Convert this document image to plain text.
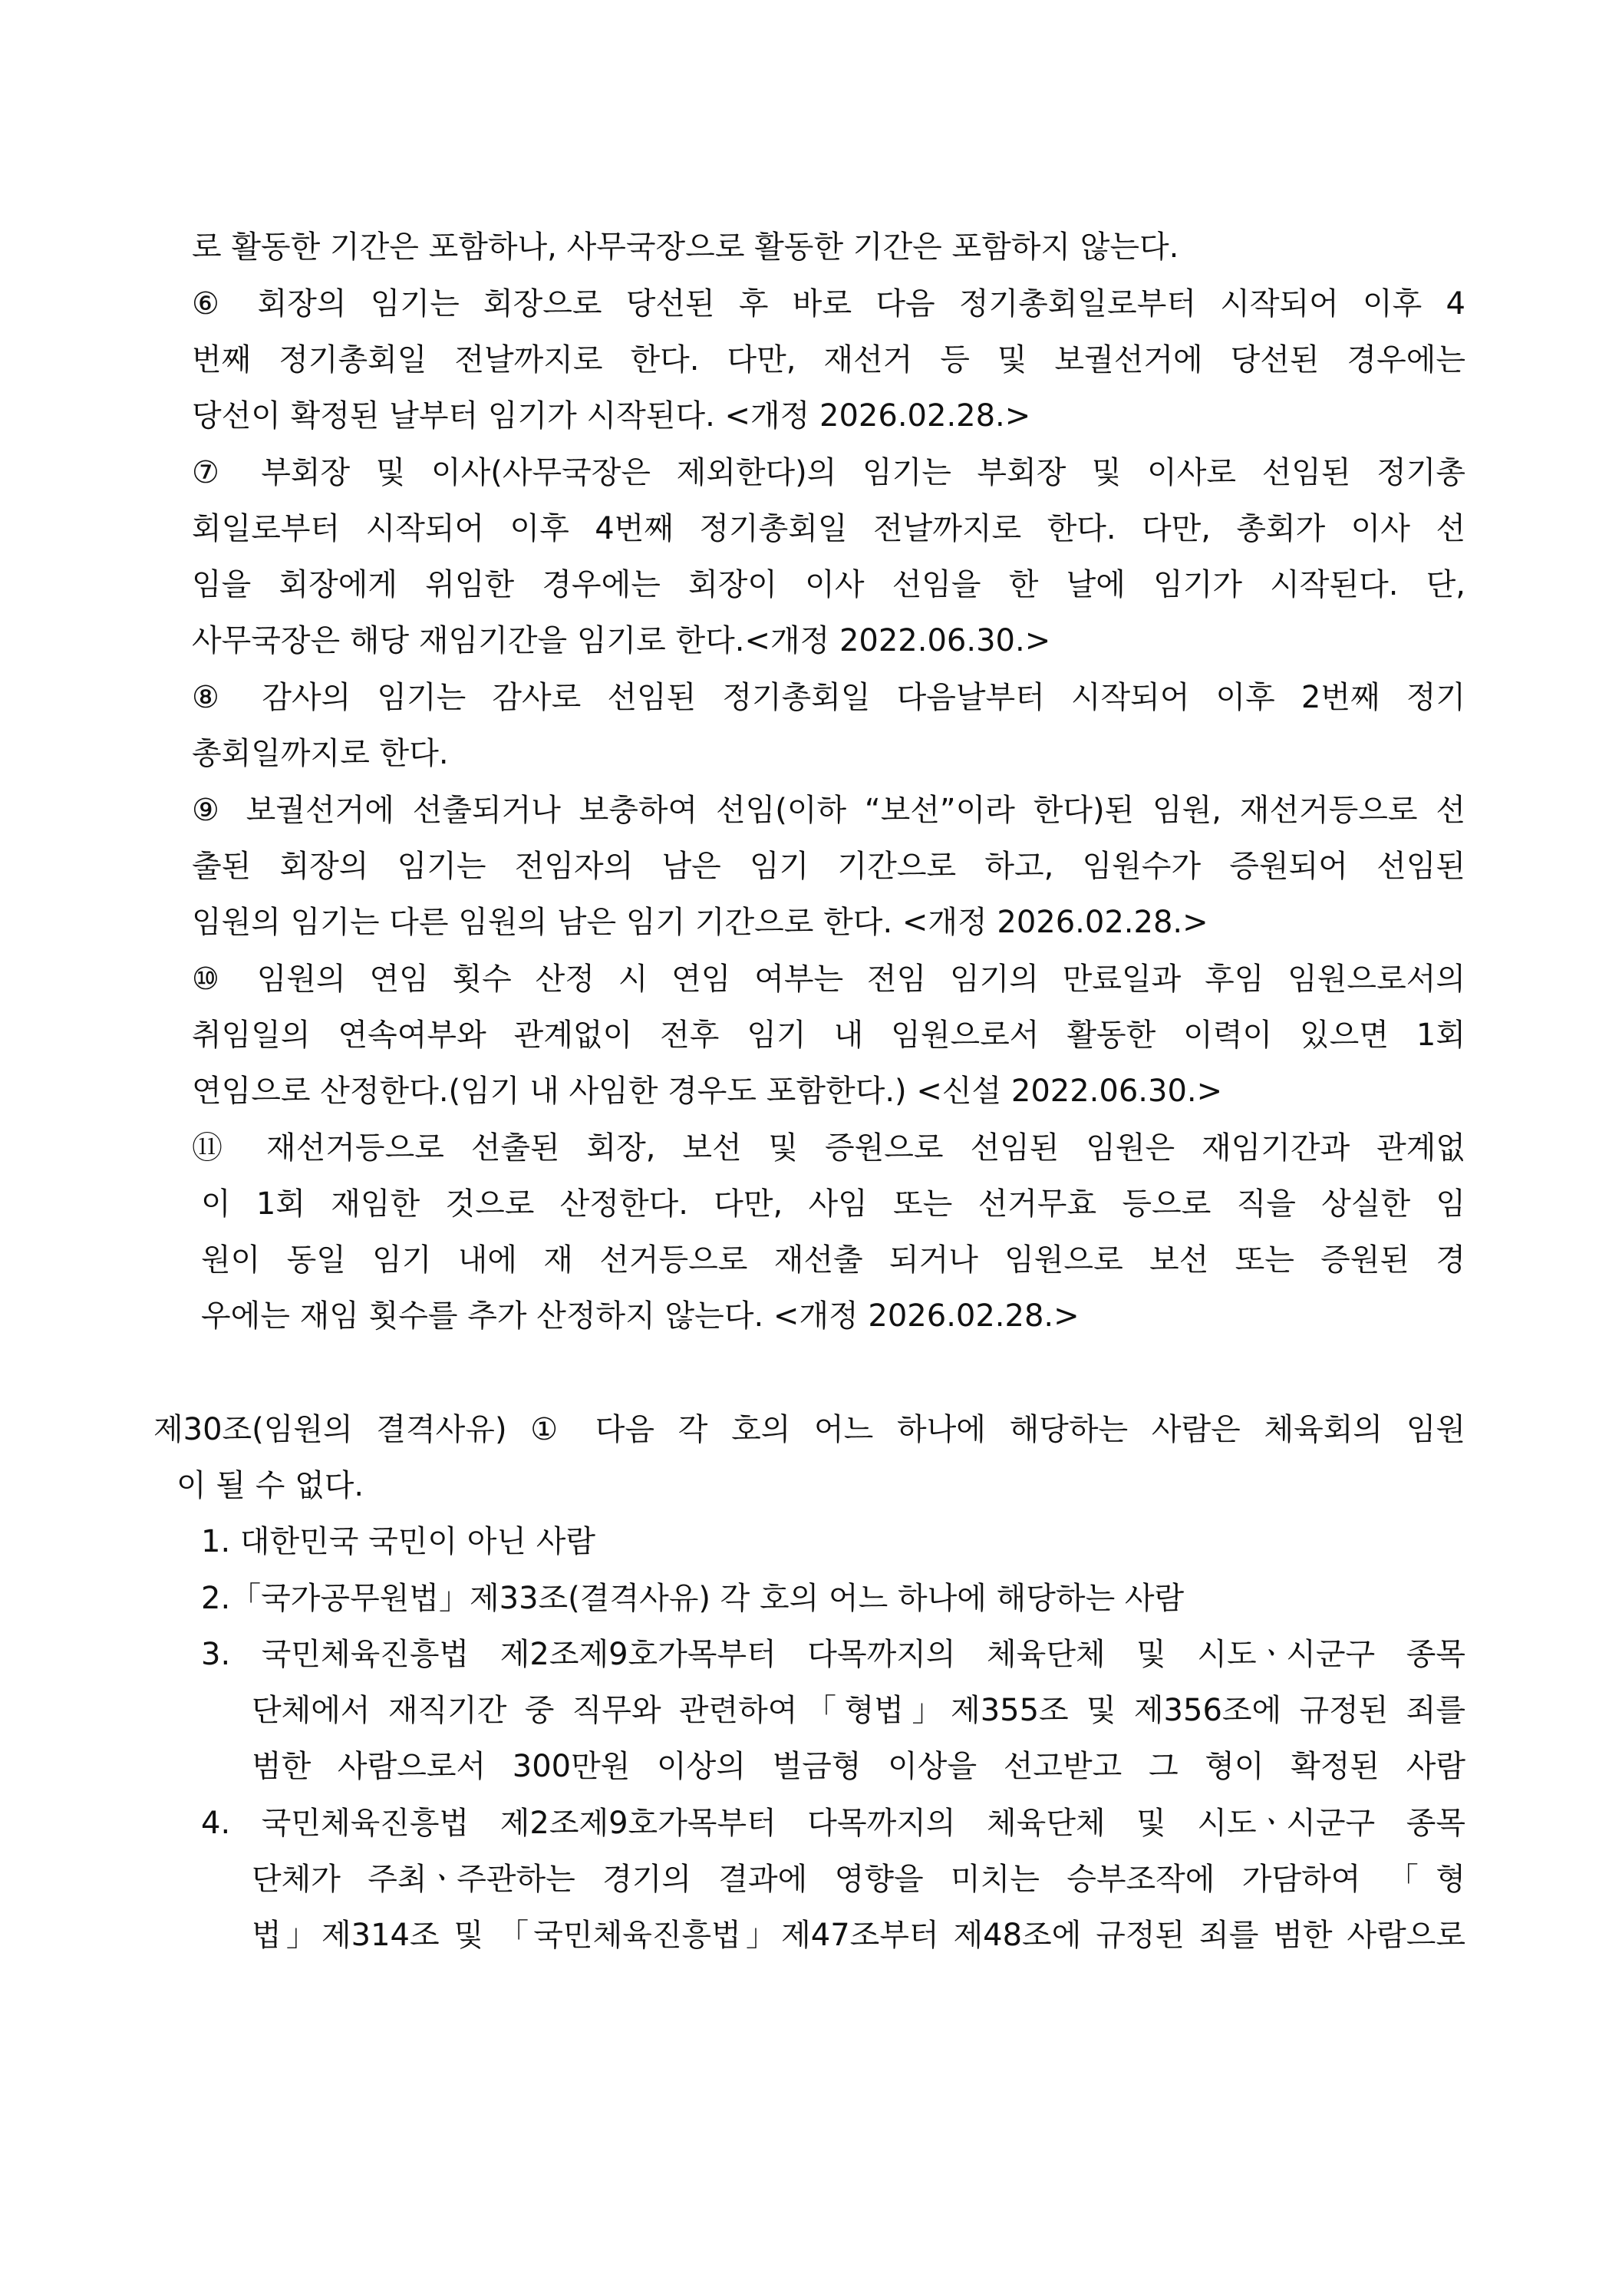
로 활동한 기간은 포함하나, 사무국장으로 활동한 기간은 포함하지 않는다.

⑥ 회장의 임기는 회장으로 당선된 후 바로 다음 정기총회일로부터 시작되어 이후 4

번째 정기총회일 전날까지로 한다. 다만, 재선거 등 및 보궐선거에 당선된 경우에는

당선이 확정된 날부터 임기가 시작된다. <개정 2026.02.28.>

⑦ 부회장 및 이사(사무국장은 제외한다)의 임기는 부회장 및 이사로 선임된 정기총

회일로부터 시작되어 이후 4번째 정기총회일 전날까지로 한다. 다만, 총회가 이사 선

임을 회장에게 위임한 경우에는 회장이 이사 선임을 한 날에 임기가 시작된다. 단,

사무국장은 해당 재임기간을 임기로 한다.<개정 2022.06.30.>

⑧ 감사의 임기는 감사로 선임된 정기총회일 다음날부터 시작되어 이후 2번째 정기

총회일까지로 한다.

⑨ 보궐선거에 선출되거나 보충하여 선임(이하 “보선”이라 한다)된 임원, 재선거등으로 선

출된 회장의 임기는 전임자의 남은 임기 기간으로 하고, 임원수가 증원되어 선임된

임원의 임기는 다른 임원의 남은 임기 기간으로 한다. <개정 2026.02.28.>

⑩ 임원의 연임 횟수 산정 시 연임 여부는 전임 임기의 만료일과 후임 임원으로서의

취임일의 연속여부와 관계없이 전후 임기 내 임원으로서 활동한 이력이 있으면 1회

연임으로 산정한다.(임기 내 사임한 경우도 포함한다.) <신설 2022.06.30.>

⑪ 재선거등으로 선출된 회장, 보선 및 증원으로 선임된 임원은 재임기간과 관계없

이 1회 재임한 것으로 산정한다. 다만, 사임 또는 선거무효 등으로 직을 상실한 임

원이 동일 임기 내에 재 선거등으로 재선출 되거나 임원으로 보선 또는 증원된 경

우에는 재임 횟수를 추가 산정하지 않는다. <개정 2026.02.28.>

제30조(임원의 결격사유) ① 다음 각 호의 어느 하나에 해당하는 사람은 체육회의 임원

이 될 수 없다.

1. 대한민국 국민이 아닌 사람

2.「국가공무원법」제33조(결격사유) 각 호의 어느 하나에 해당하는 사람

3. 국민체육진흥법 제2조제9호가목부터 다목까지의 체육단체 및 시도ㆍ시군구 종목

단체에서 재직기간 중 직무와 관련하여「형법」제355조 및 제356조에 규정된 죄를

범한 사람으로서 300만원 이상의 벌금형 이상을 선고받고 그 형이 확정된 사람

4. 국민체육진흥법 제2조제9호가목부터 다목까지의 체육단체 및 시도ㆍ시군구 종목

단체가 주최ㆍ주관하는 경기의 결과에 영향을 미치는 승부조작에 가담하여 「형

법」제314조 및 「국민체육진흥법」제47조부터 제48조에 규정된 죄를 범한 사람으로
